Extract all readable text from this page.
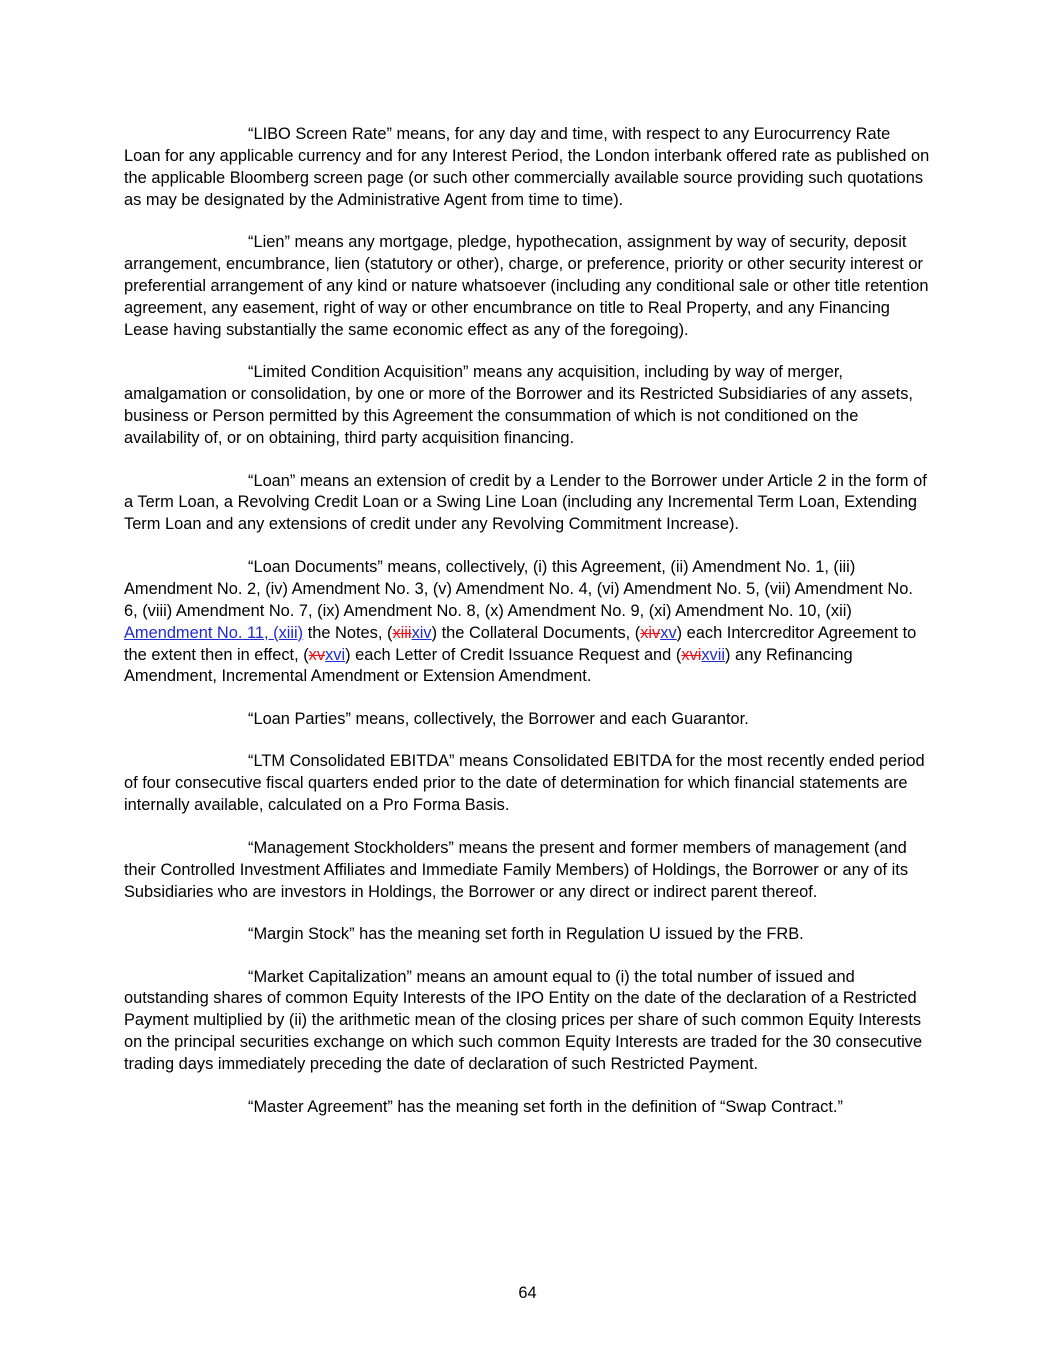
“LIBO Screen Rate” means, for any day and time, with respect to any Eurocurrency Rate Loan for any applicable currency and for any Interest Period, the London interbank offered rate as published on the applicable Bloomberg screen page (or such other commercially available source providing such quotations as may be designated by the Administrative Agent from time to time).

“Lien” means any mortgage, pledge, hypothecation, assignment by way of security, deposit arrangement, encumbrance, lien (statutory or other), charge, or preference, priority or other security interest or preferential arrangement of any kind or nature whatsoever (including any conditional sale or other title retention agreement, any easement, right of way or other encumbrance on title to Real Property, and any Financing Lease having substantially the same economic effect as any of the foregoing).

“Limited Condition Acquisition” means any acquisition, including by way of merger, amalgamation or consolidation, by one or more of the Borrower and its Restricted Subsidiaries of any assets, business or Person permitted by this Agreement the consummation of which is not conditioned on the availability of, or on obtaining, third party acquisition financing.

“Loan” means an extension of credit by a Lender to the Borrower under Article 2 in the form of a Term Loan, a Revolving Credit Loan or a Swing Line Loan (including any Incremental Term Loan, Extending Term Loan and any extensions of credit under any Revolving Commitment Increase).

“Loan Documents” means, collectively, (i) this Agreement, (ii) Amendment No. 1, (iii) Amendment No. 2, (iv) Amendment No. 3, (v) Amendment No. 4, (vi) Amendment No. 5, (vii) Amendment No. 6, (viii) Amendment No. 7, (ix) Amendment No. 8, (x) Amendment No. 9, (xi) Amendment No. 10, (xii) Amendment No. 11, (xiii) the Notes, (xiiixiv) the Collateral Documents, (xivxv) each Intercreditor Agreement to the extent then in effect, (xvxvi) each Letter of Credit Issuance Request and (xvixvii) any Refinancing Amendment, Incremental Amendment or Extension Amendment.

“Loan Parties” means, collectively, the Borrower and each Guarantor.

“LTM Consolidated EBITDA” means Consolidated EBITDA for the most recently ended period of four consecutive fiscal quarters ended prior to the date of determination for which financial statements are internally available, calculated on a Pro Forma Basis.

“Management Stockholders” means the present and former members of management (and their Controlled Investment Affiliates and Immediate Family Members) of Holdings, the Borrower or any of its Subsidiaries who are investors in Holdings, the Borrower or any direct or indirect parent thereof.

“Margin Stock” has the meaning set forth in Regulation U issued by the FRB.

“Market Capitalization” means an amount equal to (i) the total number of issued and outstanding shares of common Equity Interests of the IPO Entity on the date of the declaration of a Restricted Payment multiplied by (ii) the arithmetic mean of the closing prices per share of such common Equity Interests on the principal securities exchange on which such common Equity Interests are traded for the 30 consecutive trading days immediately preceding the date of declaration of such Restricted Payment.

“Master Agreement” has the meaning set forth in the definition of “Swap Contract.”

64
